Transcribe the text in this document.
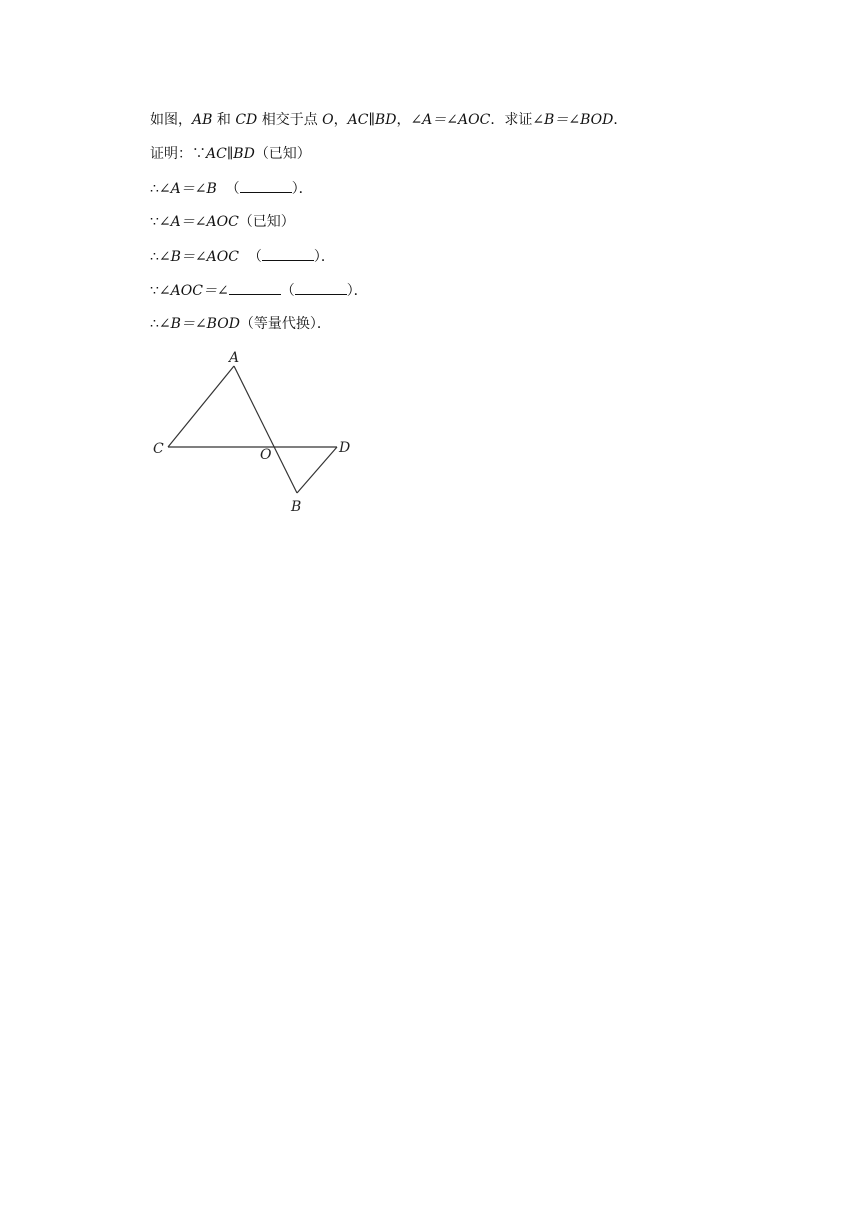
如图，AB 和 CD 相交于点 O，AC∥BD，∠A＝∠AOC．求证∠B＝∠BOD．
证明：∵AC∥BD（已知）
∴∠A＝∠B  （	）．
∵∠A＝∠AOC（已知）
∴∠B＝∠AOC  （	）．
∵∠AOC＝∠	（	）．
∴∠B＝∠BOD（等量代换）．
A
C	O	D
B
